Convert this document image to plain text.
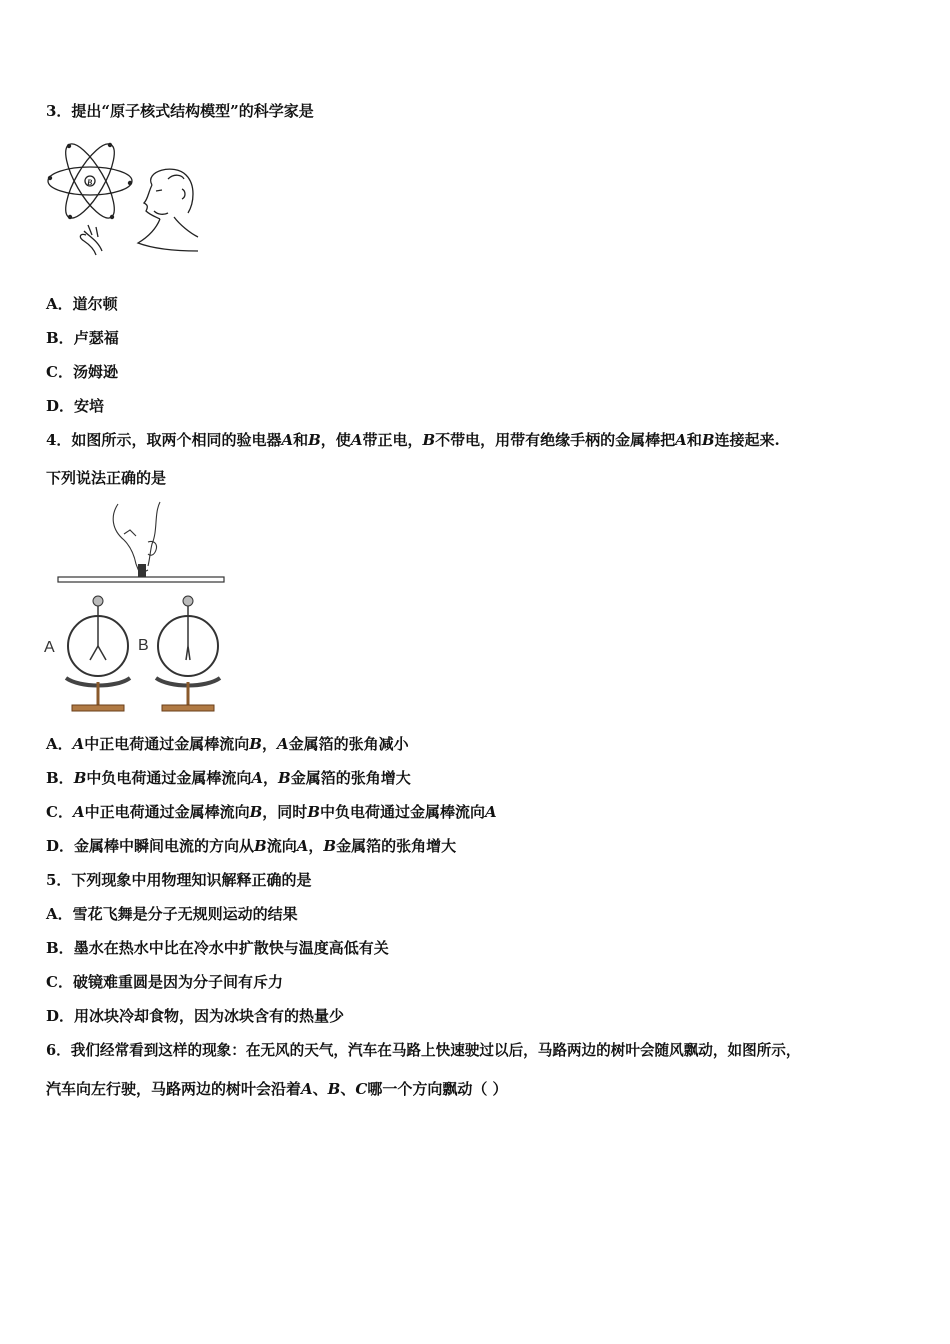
3．提出“原子核式结构模型”的科学家是
B
A．道尔顿
B．卢瑟福
C．汤姆逊
D．安培
4．如图所示，取两个相同的验电器A和B，使A带正电，B不带电，用带有绝缘手柄的金属棒把A和B连接起来.
下列说法正确的是
A	B
A．A中正电荷通过金属棒流向B，A金属箔的张角减小
B．B中负电荷通过金属棒流向A，B金属箔的张角增大
C．A中正电荷通过金属棒流向B，同时B中负电荷通过金属棒流向A
D．金属棒中瞬间电流的方向从B流向A，B金属箔的张角增大
5．下列现象中用物理知识解释正确的是
A．雪花飞舞是分子无规则运动的结果
B．墨水在热水中比在冷水中扩散快与温度高低有关
C．破镜难重圆是因为分子间有斥力
D．用冰块冷却食物，因为冰块含有的热量少
6．我们经常看到这样的现象：在无风的天气，汽车在马路上快速驶过以后，马路两边的树叶会随风飘动，如图所示，
汽车向左行驶，马路两边的树叶会沿着A、B、C哪一个方向飘动（ ）
